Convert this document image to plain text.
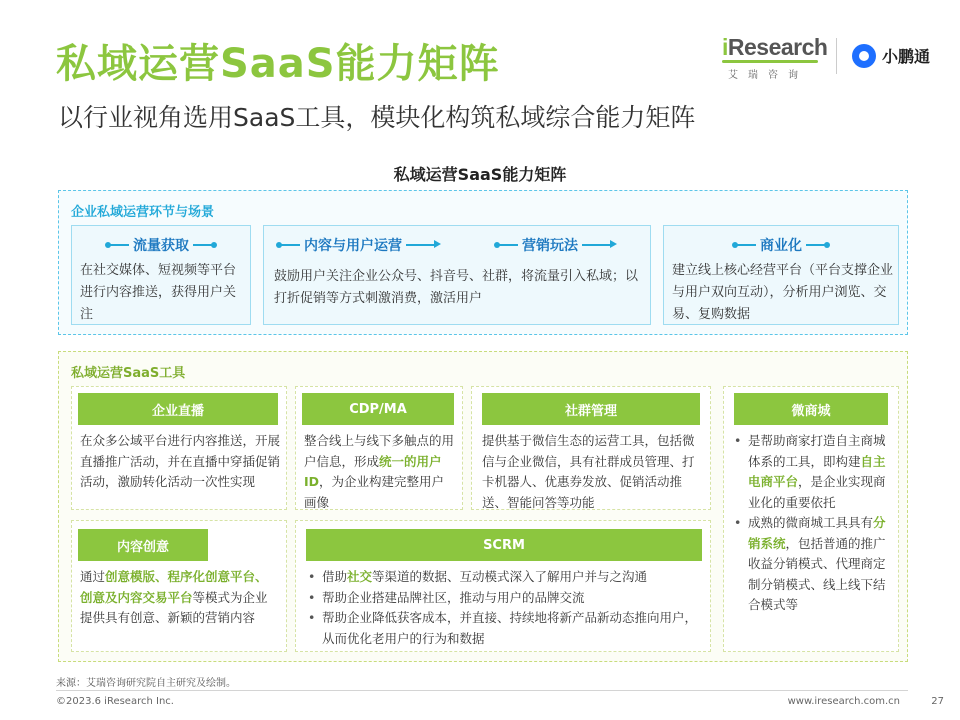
私域运营SaaS能力矩阵
以行业视角选用SaaS工具，模块化构筑私域综合能力矩阵
iResearch
艾瑞咨询
小鹏通
私域运营SaaS能力矩阵
企业私域运营环节与场景
流量获取
在社交媒体、短视频等平台进行内容推送，获得用户关注
内容与用户运营	营销玩法
鼓励用户关注企业公众号、抖音号、社群，将流量引入私域；以打折促销等方式刺激消费，激活用户
商业化
建立线上核心经营平台（平台支撑企业与用户双向互动），分析用户浏览、交易、复购数据
私域运营SaaS工具
企业直播
在众多公域平台进行内容推送，开展直播推广活动，并在直播中穿插促销活动，激励转化活动一次性实现
CDP/MA
整合线上与线下多触点的用户信息，形成统一的用户ID，为企业构建完整用户画像
社群管理
提供基于微信生态的运营工具，包括微信与企业微信，具有社群成员管理、打卡机器人、优惠券发放、促销活动推送、智能问答等功能
微商城
• 是帮助商家打造自主商城体系的工具，即构建自主电商平台，是企业实现商业化的重要依托
• 成熟的微商城工具具有分销系统，包括普通的推广收益分销模式、代理商定制分销模式、线上线下结合模式等
内容创意
通过创意模版、程序化创意平台、创意及内容交易平台等模式为企业提供具有创意、新颖的营销内容
SCRM
• 借助社交等渠道的数据、互动模式深入了解用户并与之沟通
• 帮助企业搭建品牌社区，推动与用户的品牌交流
• 帮助企业降低获客成本，并直接、持续地将新产品新动态推向用户，从而优化老用户的行为和数据
来源：艾瑞咨询研究院自主研究及绘制。
©2023.6 iResearch Inc.	www.iresearch.com.cn	27
